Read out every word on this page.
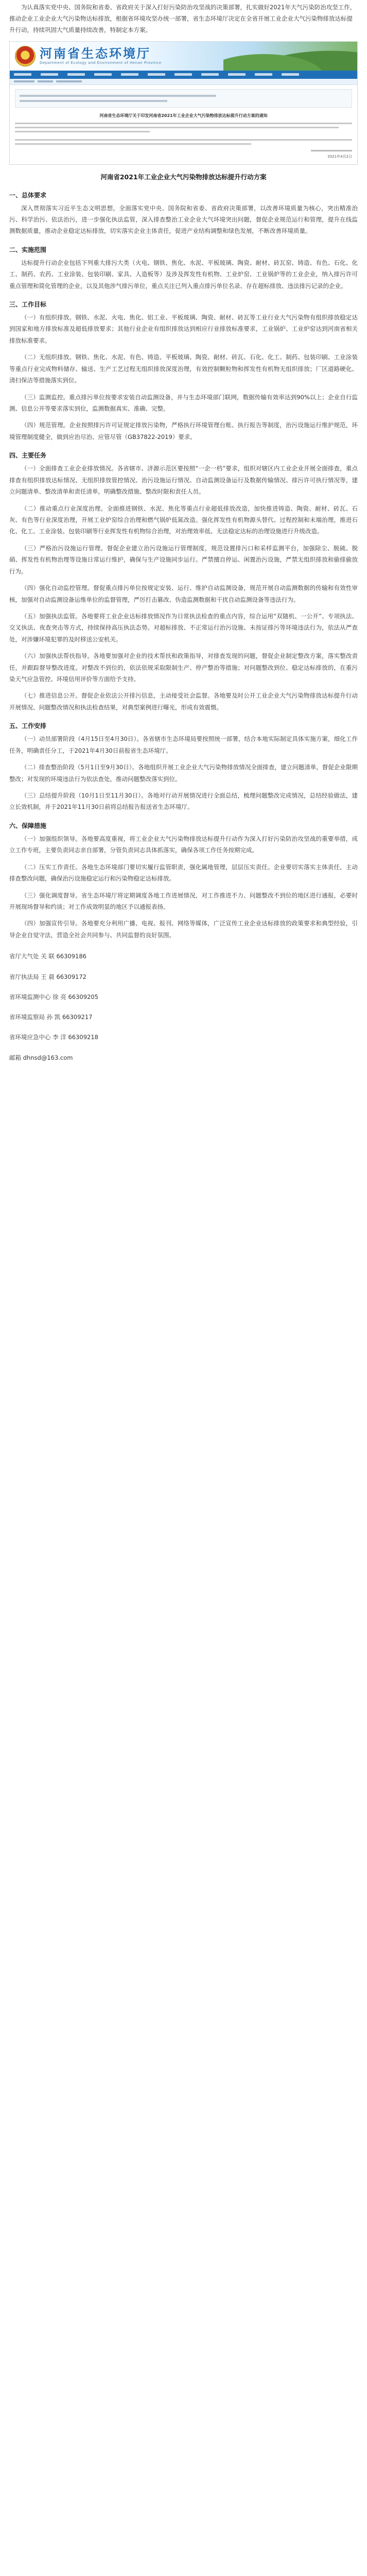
为认真落实党中央、国务院和省委、省政府关于深入打好污染防治攻坚战的决策部署，扎实做好2021年大气污染防治攻坚工作，推动企业工业企业大气污染物达标排放，根据省环境攻坚办统一部署，省生态环境厅决定在全省开展工业企业大气污染物排放达标提升行动，持续巩固大气质量持续改善，特制定本方案。

河南省生态环境厅
Department of Ecology and Environment of Henan Province
河南省生态环境厅关于印发河南省2021年工业企业大气污染物排放达标提升行动方案的通知
2021年4月2日
河南省2021年工业企业大气污染物排放达标提升行动方案
一、总体要求

深入贯彻落实习近平生态文明思想，全面落实党中央、国务院和省委、省政府决策部署，以改善环境质量为核心，突出精准治污、科学治污、依法治污，进一步强化执法监管，深入排查整治工业企业大气环境突出问题，督促企业规范运行和管理，提升在线监测数据质量，推动企业稳定达标排放，切实落实企业主体责任，促进产业结构调整和绿色发展，不断改善环境质量。

二、实施范围

达标提升行动企业包括下列重大排污大类（火电、钢铁、焦化、水泥、平板玻璃、陶瓷、耐材、砖瓦窑、铸造、有色、石化、化工、制药、农药、工业涂装、包装印刷、家具、人造板等）及涉及挥发性有机物、工业炉窑、工业锅炉等的工业企业，纳入排污许可重点管理和简化管理的企业，以及其他涉气排污单位，重点关注已列入重点排污单位名录、存在超标排放、违法排污记录的企业。

三、工作目标

（一）有组织排放。钢铁、水泥、火电、焦化、铝工业、平板玻璃、陶瓷、耐材、砖瓦等工业行业大气污染物有组织排放稳定达到国家和地方排放标准及超低排放要求；其他行业企业有组织排放达到相应行业排放标准要求，工业锅炉、工业炉窑达到河南省相关排放标准要求。

（二）无组织排放。钢铁、焦化、水泥、有色、铸造、平板玻璃、陶瓷、耐材、砖瓦、石化、化工、制药、包装印刷、工业涂装等重点行业完成物料储存、输送、生产工艺过程无组织排放深度治理，有效控制颗粒物和挥发性有机物无组织排放；厂区道路硬化、清扫保洁等措施落实到位。

（三）监测监控。重点排污单位按要求安装自动监测设备，并与生态环境部门联网，数据传输有效率达到90%以上；企业自行监测、信息公开等要求落实到位，监测数据真实、准确、完整。

（四）规范管理。企业按照排污许可证规定排放污染物，严格执行环境管理台账、执行报告等制度，治污设施运行维护规范，环境管理制度健全，做到应治尽治、应管尽管（GB37822-2019）要求。

四、主要任务

（一）全面排查工业企业排放情况。各省辖市、济源示范区要按照“一企一档”要求，组织对辖区内工业企业开展全面排查，重点排查有组织排放达标情况、无组织排放管控情况、治污设施运行情况、自动监测设备运行及数据传输情况、排污许可执行情况等，建立问题清单、整改清单和责任清单，明确整改措施、整改时限和责任人员。

（二）推动重点行业深度治理。全面推进钢铁、水泥、焦化等重点行业超低排放改造，加快推进铸造、陶瓷、耐材、砖瓦、石灰、有色等行业深度治理，开展工业炉窑综合治理和燃气锅炉低氮改造。强化挥发性有机物源头替代、过程控制和末端治理，推进石化、化工、工业涂装、包装印刷等行业挥发性有机物综合治理，对治理效率低、无法稳定达标的治理设施进行升级改造。

（三）严格治污设施运行管理。督促企业建立治污设施运行管理制度，规范设置排污口和采样监测平台，加强除尘、脱硫、脱硝、挥发性有机物治理等设施日常运行维护，确保与生产设施同步运行。严禁擅自停运、闲置治污设施，严禁无组织排放和偷排偷放行为。

（四）强化自动监控管理。督促重点排污单位按规定安装、运行、维护自动监测设备，规范开展自动监测数据的传输和有效性审核，加强对自动监测设备运维单位的监督管理，严厉打击篡改、伪造监测数据和干扰自动监测设备等违法行为。

（五）加强执法监管。各地要将工业企业达标排放情况作为日常执法检查的重点内容，综合运用“双随机、一公开”、专项执法、交叉执法、夜查突击等方式，持续保持高压执法态势。对超标排放、不正常运行治污设施、未按证排污等环境违法行为，依法从严查处，对涉嫌环境犯罪的及时移送公安机关。

（六）加强执法帮扶指导。各地要加强对企业的技术帮扶和政策指导，对排查发现的问题，督促企业制定整改方案，落实整改责任，并跟踪督导整改进度。对整改不到位的，依法依规采取限制生产、停产整治等措施；对问题整改到位、稳定达标排放的，在重污染天气应急管控、环境信用评价等方面给予支持。

（七）推进信息公开。督促企业依法公开排污信息，主动接受社会监督。各地要及时公开工业企业大气污染物排放达标提升行动开展情况、问题整改情况和执法检查结果，对典型案例进行曝光，形成有效震慑。

五、工作安排

（一）动员部署阶段（4月15日至4月30日）。各省辖市生态环境局要按照统一部署，结合本地实际制定具体实施方案，细化工作任务，明确责任分工，于2021年4月30日前报省生态环境厅。

（二）排查整治阶段（5月1日至9月30日）。各地组织开展工业企业大气污染物排放情况全面排查，建立问题清单，督促企业限期整改；对发现的环境违法行为依法查处，推动问题整改落实到位。

（三）总结提升阶段（10月1日至11月30日）。各地对行动开展情况进行全面总结，梳理问题整改完成情况，总结经验做法，建立长效机制，并于2021年11月30日前将总结报告报送省生态环境厅。

六、保障措施

（一）加强组织领导。各地要高度重视，将工业企业大气污染物排放达标提升行动作为深入打好污染防治攻坚战的重要举措，成立工作专班，主要负责同志亲自部署，分管负责同志具体抓落实，确保各项工作任务按期完成。

（二）压实工作责任。各地生态环境部门要切实履行监管职责，强化属地管理，层层压实责任。企业要切实落实主体责任，主动排查整改问题，确保治污设施稳定运行和污染物稳定达标排放。

（三）强化调度督导。省生态环境厅将定期调度各地工作进展情况，对工作推进不力、问题整改不到位的地区进行通报，必要时开展现场督导和约谈；对工作成效明显的地区予以通报表扬。

（四）加强宣传引导。各地要充分利用广播、电视、报刊、网络等媒体，广泛宣传工业企业达标排放的政策要求和典型经验，引导企业自觉守法，营造全社会共同参与、共同监督的良好氛围。

省厅大气处 关 联 66309186
省厅执法局 王 晨 66309172
省环境监测中心 徐 亮 66309205
省环境监察局 孙 凯 66309217
省环境应急中心 李 洋 66309218
邮箱 dhnsd@163.com
